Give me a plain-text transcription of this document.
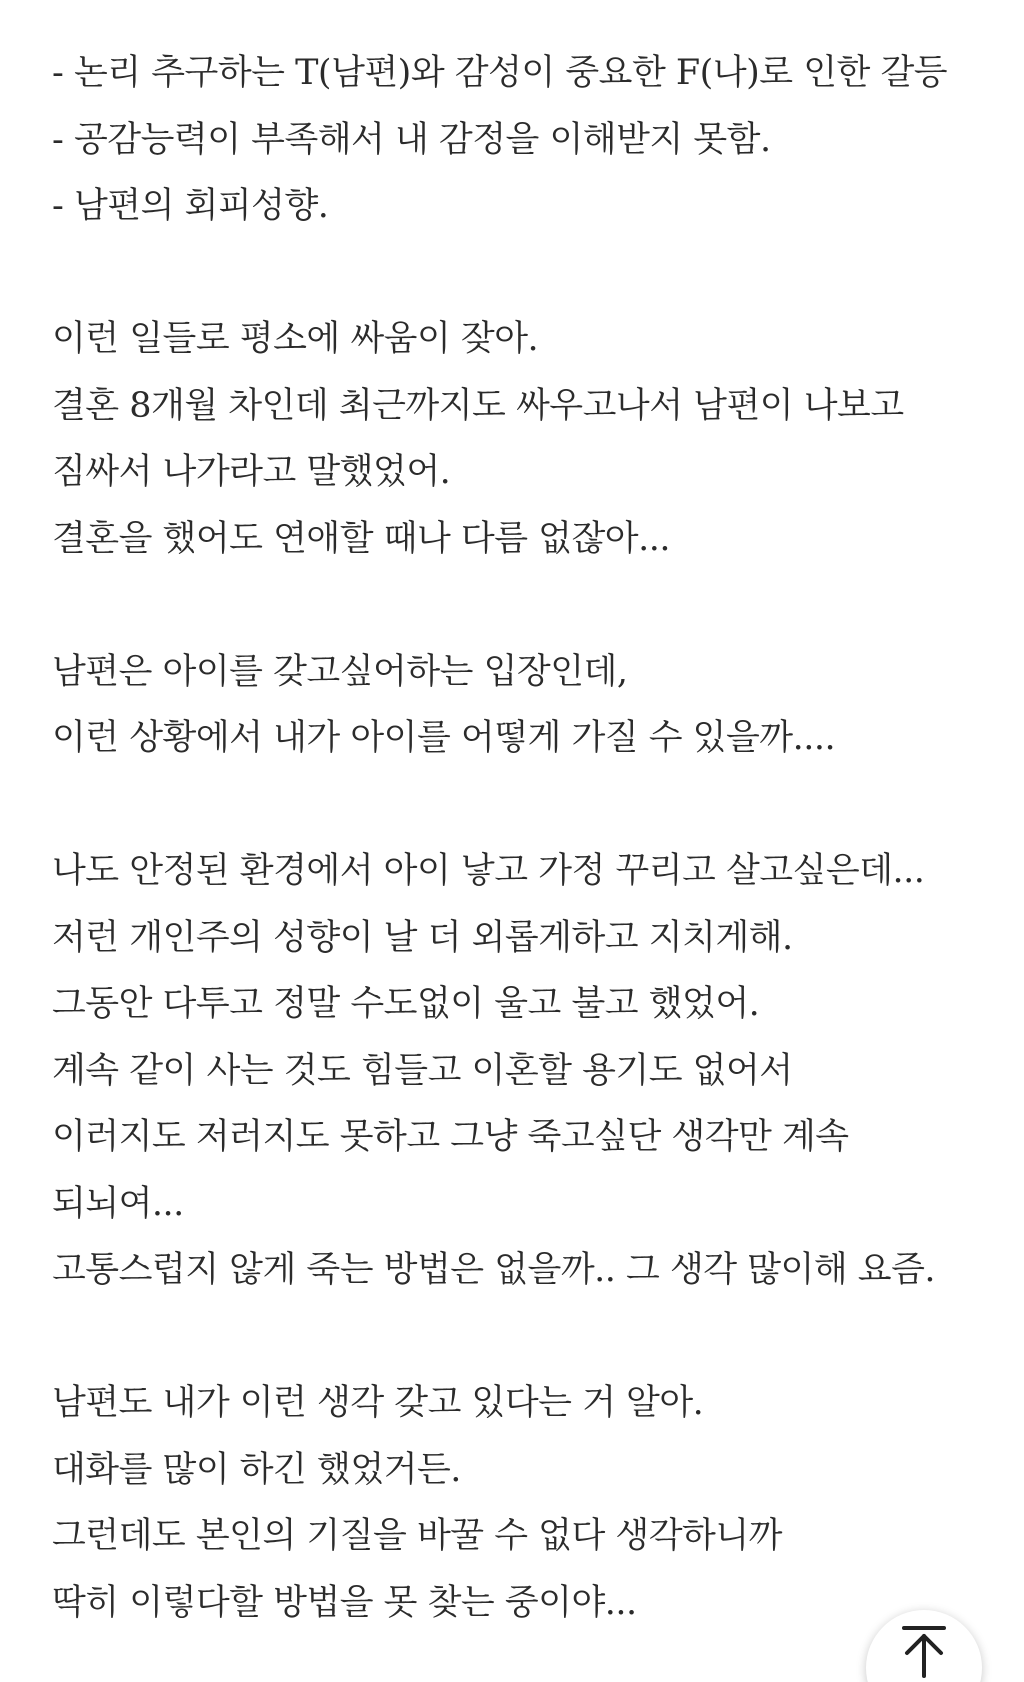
- 논리 추구하는 T(남편)와 감성이 중요한 F(나)로 인한 갈등
- 공감능력이 부족해서 내 감정을 이해받지 못함.
- 남편의 회피성향.
이런 일들로 평소에 싸움이 잦아.
결혼 8개월 차인데 최근까지도 싸우고나서 남편이 나보고
짐싸서 나가라고 말했었어.
결혼을 했어도 연애할 때나 다름 없잖아...
남편은 아이를 갖고싶어하는 입장인데,
이런 상황에서 내가 아이를 어떻게 가질 수 있을까....
나도 안정된 환경에서 아이 낳고 가정 꾸리고 살고싶은데...
저런 개인주의 성향이 날 더 외롭게하고 지치게해.
그동안 다투고 정말 수도없이 울고 불고 했었어.
계속 같이 사는 것도 힘들고 이혼할 용기도 없어서
이러지도 저러지도 못하고 그냥 죽고싶단 생각만 계속
되뇌여...
고통스럽지 않게 죽는 방법은 없을까.. 그 생각 많이해 요즘.
남편도 내가 이런 생각 갖고 있다는 거 알아.
대화를 많이 하긴 했었거든.
그런데도 본인의 기질을 바꿀 수 없다 생각하니까
딱히 이렇다할 방법을 못 찾는 중이야...
